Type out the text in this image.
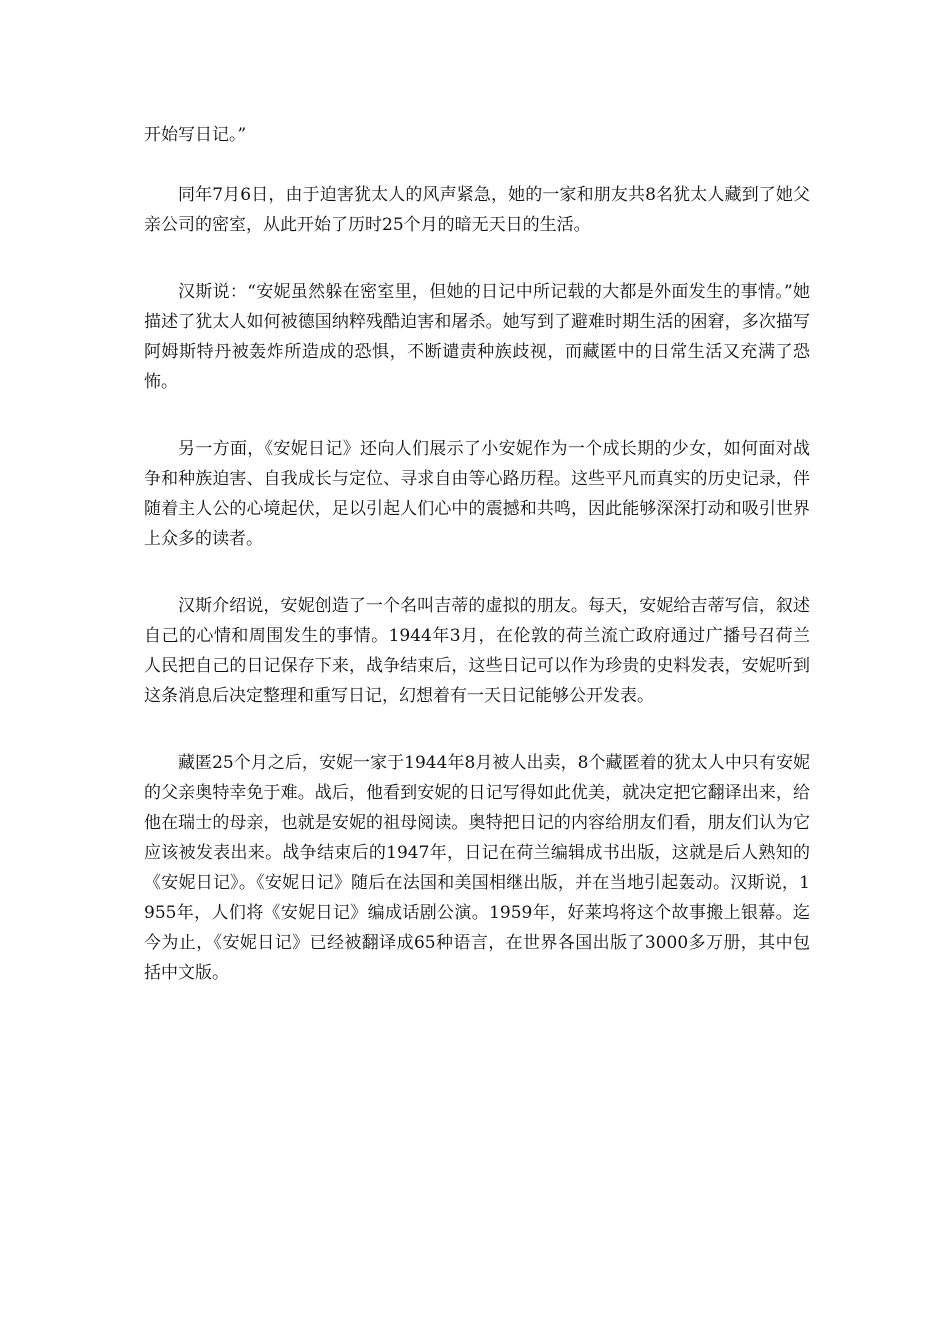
开始写日记。”

同年7月6日，由于迫害犹太人的风声紧急，她的一家和朋友共8名犹太人藏到了她父亲公司的密室，从此开始了历时25个月的暗无天日的生活。

汉斯说：“安妮虽然躲在密室里，但她的日记中所记载的大都是外面发生的事情。”她描述了犹太人如何被德国纳粹残酷迫害和屠杀。她写到了避难时期生活的困窘，多次描写阿姆斯特丹被轰炸所造成的恐惧，不断谴责种族歧视，而藏匿中的日常生活又充满了恐怖。

另一方面，《安妮日记》还向人们展示了小安妮作为一个成长期的少女，如何面对战争和种族迫害、自我成长与定位、寻求自由等心路历程。这些平凡而真实的历史记录，伴随着主人公的心境起伏，足以引起人们心中的震撼和共鸣，因此能够深深打动和吸引世界上众多的读者。

汉斯介绍说，安妮创造了一个名叫吉蒂的虚拟的朋友。每天，安妮给吉蒂写信，叙述自己的心情和周围发生的事情。1944年3月，在伦敦的荷兰流亡政府通过广播号召荷兰人民把自己的日记保存下来，战争结束后，这些日记可以作为珍贵的史料发表，安妮听到这条消息后决定整理和重写日记，幻想着有一天日记能够公开发表。

藏匿25个月之后，安妮一家于1944年8月被人出卖，8个藏匿着的犹太人中只有安妮的父亲奥特幸免于难。战后，他看到安妮的日记写得如此优美，就决定把它翻译出来，给他在瑞士的母亲，也就是安妮的祖母阅读。奥特把日记的内容给朋友们看，朋友们认为它应该被发表出来。战争结束后的1947年，日记在荷兰编辑成书出版，这就是后人熟知的《安妮日记》。《安妮日记》随后在法国和美国相继出版，并在当地引起轰动。汉斯说，1955年，人们将《安妮日记》编成话剧公演。1959年，好莱坞将这个故事搬上银幕。迄今为止，《安妮日记》已经被翻译成65种语言，在世界各国出版了3000多万册，其中包括中文版。
